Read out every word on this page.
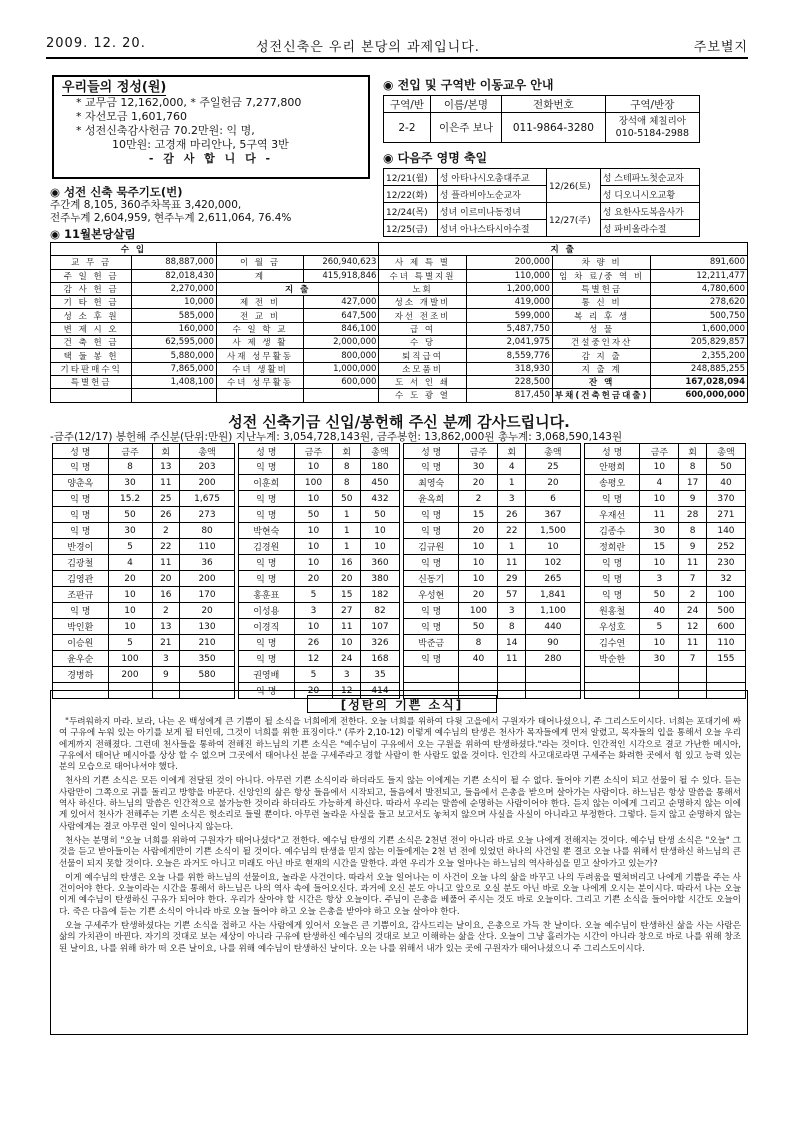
2009. 12. 20.	성전신축은 우리 본당의 과제입니다.	주보별지
우리들의 정성(원)
* 교무금 12,162,000, * 주일헌금 7,277,800
* 자선모금 1,601,760
* 성전신축감사헌금 70.2만원: 익 명,
10만원: 고경재 마리안나, 5구역 3반
- 감 사 합 니 다 -
◉ 성전 신축 묵주기도(번)
주간계 8,105, 360주차목표 3,420,000,
전주누계 2,604,959, 현주누계 2,611,064, 76.4%
◉ 11월본당살림
◉ 전입 및 구역반 이동교우 안내
구역/반	이름/본명	전화번호	구역/반장
2-2	이은주 보나	011-9864-3280	장석애 체칠리아
010-5184-2988
◉ 다음주 영명 축일
12/21(월)	성 아타나시오총대주교	12/26(토)	성 스테파노첫순교자
12/22(화)	성 플라비아노순교자		성 디오니시오교황
12/24(목)	성녀 이르미나동정녀	12/27(주)	성 요한사도복음사가
12/25(금)	성녀 아나스타시아수절		성 파비올라수절
수 입				지 출			
교 무 금	88,887,000	이 월 금	260,940,623	사 제 특 별	200,000	차 량 비	891,600
주 일 헌 금	82,018,430	계	415,918,846	수녀 특별지원	110,000	임 차 료/중 역 비	12,211,477
감 사 헌 금	2,270,000	지 출		노회	1,200,000	특별헌금	4,780,600
기 타 헌 금	10,000	제 전 비	427,000	성소 개발비	419,000	통 신 비	278,620
성 소 후 원	585,000	전 교 비	647,500	자선 전조비	599,000	복 리 후 생	500,750
변 제 시 오	160,000	수 일 학 교	846,100	급 여	5,487,750	성 물	1,600,000
건 축 헌 금	62,595,000	사 제 생 활	2,000,000	수 당	2,041,975	건설중인자산	205,829,857
택 둘 봉 헌	5,880,000	사재 성무활동	800,000	퇴직급여	8,559,776	감 지 출	2,355,200
기타판매수익	7,865,000	수녀 생활비	1,000,000	소모품비	318,930	지 출 계	248,885,255
특별헌금	1,408,100	수녀 성무활동	600,000	도 서 인 쇄	228,500	잔 액	167,028,094
				수 도 광 열	817,450	부채(건축헌금대출)	600,000,000
성전 신축기금 신입/봉헌해 주신 분께 감사드립니다.
-금주(12/17) 봉헌해 주신분(단위:만원) 지난누계: 3,054,728,143원, 금주봉헌: 13,862,000원 총누계: 3,068,590,143원
성 명	금주	회	총액		성 명	금주	회	총액		성 명	금주	회	총액		성 명	금주	회	총액
익 명	8	13	203		익 명	10	8	180		익 명	30	4	25		안평희	10	8	50
양춘옥	30	11	200		이훈희	100	8	450		최영숙	20	1	20		송평오	4	17	40
익 명	15.2	25	1,675		익 명	10	50	432		윤옥희	2	3	6		익 명	10	9	370
익 명	50	26	273		익 명	50	1	50		익 명	15	26	367		우재선	11	28	271
익 명	30	2	80		박현숙	10	1	10		익 명	20	22	1,500		김종수	30	8	140
반경이	5	22	110		김경원	10	1	10		김규원	10	1	10		정희란	15	9	252
김광철	4	11	36		익 명	10	16	360		익 명	10	11	102		익 명	10	11	230
김영관	20	20	200		익 명	20	20	380		신동기	10	29	265		익 명	3	7	32
조판규	10	16	170		홍훈표	5	15	182		우성현	20	57	1,841		익 명	50	2	100
익 명	10	2	20		이성용	3	27	82		익 명	100	3	1,100		원홍철	40	24	500
박인환	10	13	130		이경직	10	11	107		익 명	50	8	440		우성호	5	12	600
이승원	5	21	210		익 명	26	10	326		박준금	8	14	90		김수연	10	11	110
윤우순	100	3	350		익 명	12	24	168		익 명	40	11	280		박순한	30	7	155
경병하	200	9	580		권영배	5	3	35										
					익 명	20	12	414										
[성탄의 기쁜 소식]

"두려워하지 마라. 보라, 나는 온 백성에게 큰 기쁨이 될 소식을 너희에게 전한다. 오늘 너희를 위하여 다윗 고을에서 구원자가 태어나셨으니, 주 그리스도이시다. 너희는 포대기에 싸여 구유에 누워 있는 아기를 보게 될 터인데, 그것이 너희를 위한 표징이다." (루카 2,10-12) 이렇게 예수님의 탄생은 천사가 목자들에게 먼저 알렸고, 목자들의 입을 통해서 오늘 우리에게까지 전해졌다. 그런데 천사들을 통하여 전해진 하느님의 기쁜 소식은 "예수님이 구유에서 오는 구원을 위하여 탄생하셨다."라는 것이다. 인간적인 시각으로 결코 가난한 메시아, 구유에서 태어난 메시아를 상상 할 수 없으며 그곳에서 태어나신 분을 구세주라고 경할 사람이 한 사람도 없을 것이다. 인간의 사고대로라면 구세주는 화려한 곳에서 힘 있고 능력 있는 분의 모습으로 태어나셔야 했다.

천사의 기쁜 소식은 모든 이에게 전달된 것이 아니다. 아무런 기쁜 소식이라 하더라도 들지 않는 이에게는 기쁜 소식이 될 수 없다. 들어야 기쁜 소식이 되고 선물이 될 수 있다. 듣는 사람만이 그쪽으로 귀를 돌리고 방향을 바꾼다. 신앙인의 삶은 항상 들음에서 시작되고, 들음에서 발전되고, 들음에서 은총을 받으며 살아가는 사람이다. 하느님은 항상 말씀을 통해서 역사 하신다. 하느님의 말씀은 인간적으로 불가능한 것이라 하더라도 가능하게 하신다. 따라서 우리는 말씀에 순명하는 사람이어야 한다. 듣지 않는 이에게 그리고 순명하지 않는 이에게 있어서 천사가 전해주는 기쁜 소식은 헛소리로 들릴 뿐이다. 아무런 놀라운 사실을 들고 보고서도 놓쳐지 않으며 사실을 사실이 아니라고 부정한다. 그렇다. 듣지 않고 순명하지 않는 사람에게는 결코 아무런 일이 일어나지 않는다.

천사는 분명히 "오늘 너희를 위하여 구원자가 태어나셨다"고 전한다. 예수님 탄생의 기쁜 소식은 2천년 전이 아니라 바로 오늘 나에게 전해지는 것이다. 예수님 탄생 소식은 "오늘" 그것을 듣고 받아들이는 사람에게만이 기쁜 소식이 될 것이다. 예수님의 탄생을 믿지 않는 이들에게는 2천 년 전에 있었던 하나의 사건일 뿐 결코 오늘 나를 위해서 탄생하신 하느님의 큰 선물이 되지 못할 것이다. 오늘은 과거도 아니고 미래도 아닌 바로 현재의 시간을 말한다. 과연 우리가 오늘 얼마나는 하느님의 역사하심을 믿고 살아가고 있는가?

이게 예수님의 탄생은 오늘 나를 위한 하느님의 선물이요, 놀라운 사건이다. 따라서 오늘 일어나는 이 사건이 오늘 나의 삶을 바꾸고 나의 두려움을 떨쳐버리고 나에게 기쁨을 주는 사건이어야 한다. 오늘이라는 시간을 통해서 하느님은 나의 역사 속에 들어오신다. 과거에 오신 분도 아니고 앞으로 오실 분도 아닌 바로 오늘 나에게 오시는 분이시다. 따라서 나는 오늘 이게 예수님이 탄생하신 구유가 되어야 한다. 우리가 살아야 할 시간은 항상 오늘이다. 주님이 은총을 베풀어 주시는 것도 바로 오늘이다. 그리고 기쁜 소식을 들어야할 시간도 오늘이다. 죽은 다음에 듣는 기쁜 소식이 아니라 바로 오늘 들어야 하고 오늘 은총을 받아야 하고 오늘 살아야 한다.

오늘 구세주가 탄생하셨다는 기쁜 소식을 접하고 사는 사람에게 있어서 오늘은 큰 기쁨이요, 감사드리는 날이요, 은총으로 가득 찬 날이다. 오늘 예수님이 탄생하신 삶을 사는 사람은 삶의 가치관이 바뀐다. 자기의 것대로 보는 세상이 아니라 구유에 탄생하신 예수님의 것대로 보고 이해하는 삶을 산다. 오늘이 그냥 흘러가는 시간이 아니라 창으로 바로 나를 위해 창조된 날이요, 나를 위해 하가 떠 오른 날이요, 나를 위해 예수님이 탄생하신 날이다. 오는 나를 위해서 내가 있는 곳에 구원자가 태어나셨으니 주 그리스도이시다.
